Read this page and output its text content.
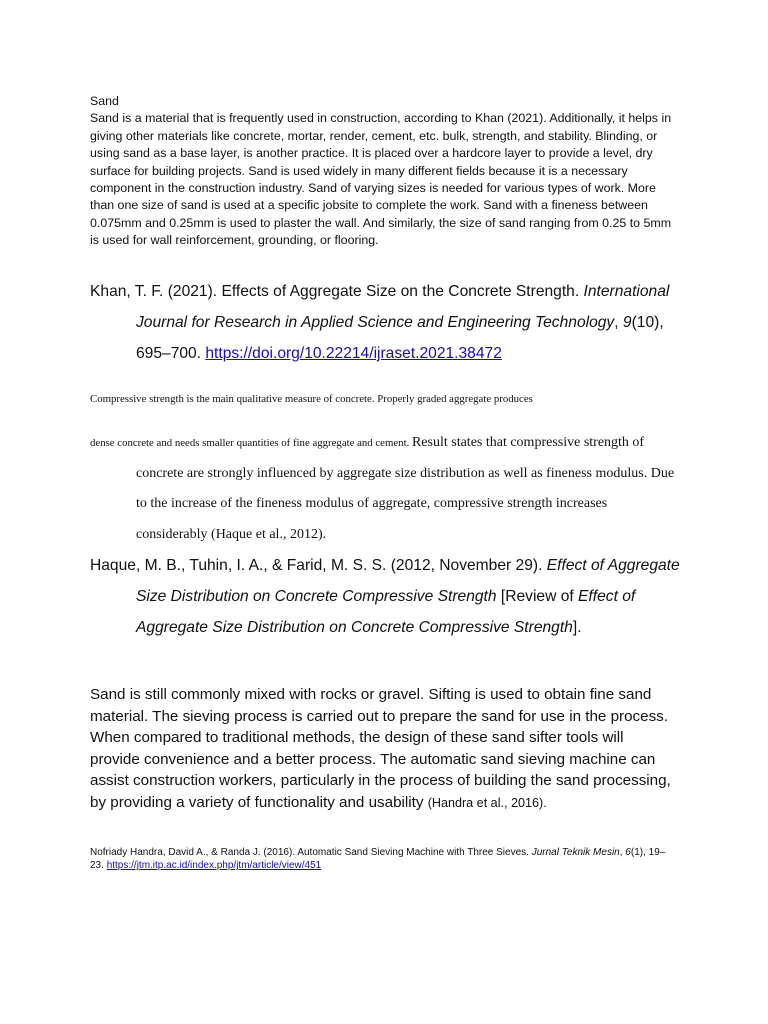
Sand

Sand is a material that is frequently used in construction, according to Khan (2021). Additionally, it helps in giving other materials like concrete, mortar, render, cement, etc. bulk, strength, and stability. Blinding, or using sand as a base layer, is another practice. It is placed over a hardcore layer to provide a level, dry surface for building projects. Sand is used widely in many different fields because it is a necessary component in the construction industry. Sand of varying sizes is needed for various types of work. More than one size of sand is used at a specific jobsite to complete the work. Sand with a fineness between 0.075mm and 0.25mm is used to plaster the wall. And similarly, the size of sand ranging from 0.25 to 5mm is used for wall reinforcement, grounding, or flooring.

Khan, T. F. (2021). Effects of Aggregate Size on the Concrete Strength. International Journal for Research in Applied Science and Engineering Technology, 9(10), 695–700. https://doi.org/10.22214/ijraset.2021.38472
Compressive strength is the main qualitative measure of concrete. Properly graded aggregate produces
dense concrete and needs smaller quantities of fine aggregate and cement. Result states that compressive strength of concrete are strongly influenced by aggregate size distribution as well as fineness modulus. Due to the increase of the fineness modulus of aggregate, compressive strength increases considerably (Haque et al., 2012).
Haque, M. B., Tuhin, I. A., & Farid, M. S. S. (2012, November 29). Effect of Aggregate Size Distribution on Concrete Compressive Strength [Review of Effect of Aggregate Size Distribution on Concrete Compressive Strength].
Sand is still commonly mixed with rocks or gravel. Sifting is used to obtain fine sand material. The sieving process is carried out to prepare the sand for use in the process. When compared to traditional methods, the design of these sand sifter tools will provide convenience and a better process. The automatic sand sieving machine can assist construction workers, particularly in the process of building the sand processing, by providing a variety of functionality and usability (Handra et al., 2016).
Nofriady Handra, David A., & Randa J. (2016). Automatic Sand Sieving Machine with Three Sieves. Jurnal Teknik Mesin, 6(1), 19–23. https://jtm.itp.ac.id/index.php/jtm/article/view/451
